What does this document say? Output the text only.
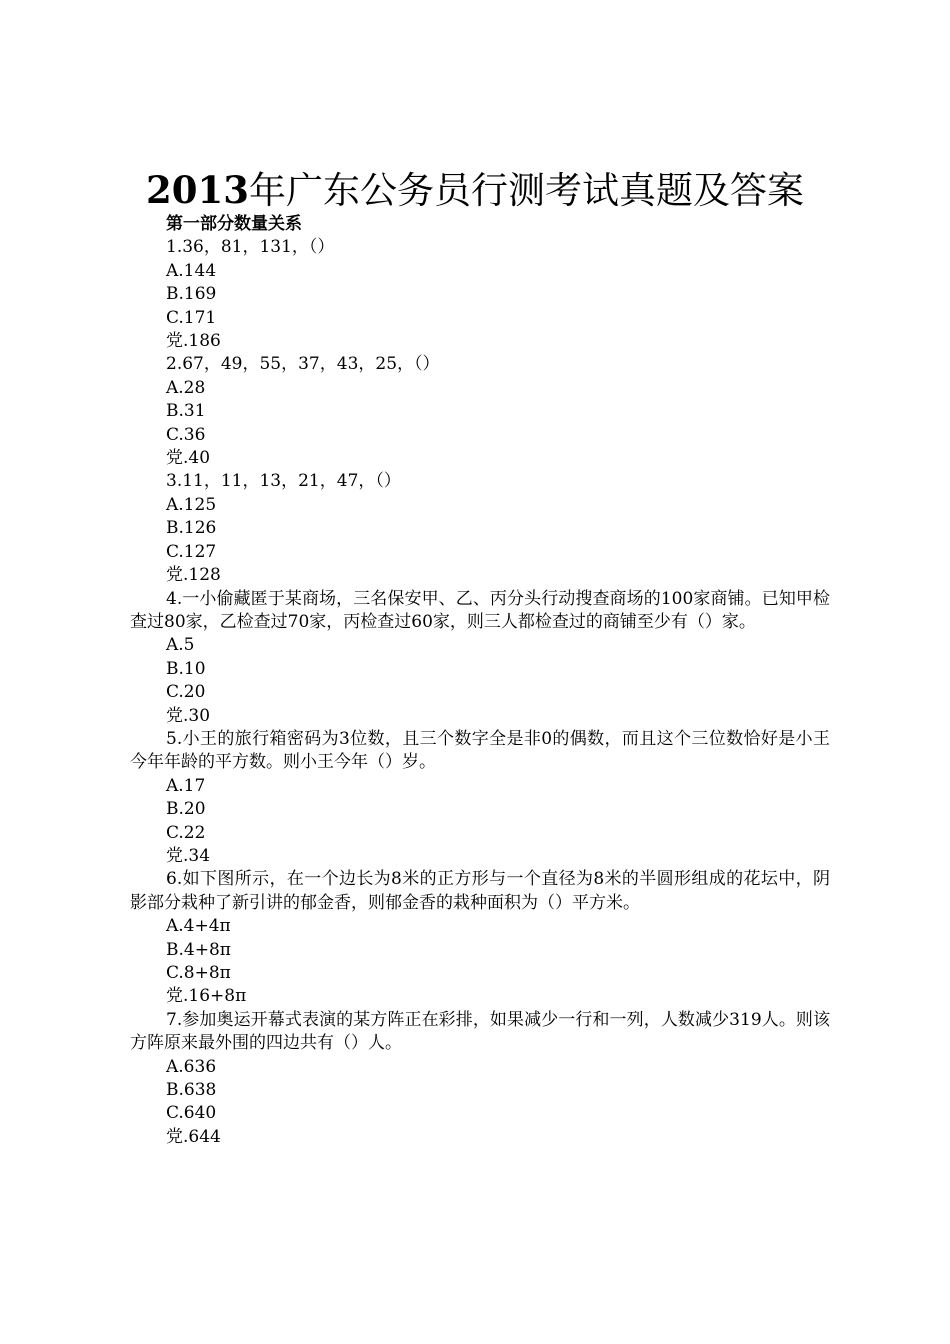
2013年广东公务员行测考试真题及答案

第一部分数量关系

1.36，81，131，（）

A.144

B.169

C.171

党.186

2.67，49，55，37，43，25，（）

A.28

B.31

C.36

党.40

3.11，11，13，21，47，（）

A.125

B.126

C.127

党.128

4.一小偷藏匿于某商场，三名保安甲、乙、丙分头行动搜查商场的100家商铺。已知甲检查过80家，乙检查过70家，丙检查过60家，则三人都检查过的商铺至少有（）家。

A.5

B.10

C.20

党.30

5.小王的旅行箱密码为3位数，且三个数字全是非0的偶数，而且这个三位数恰好是小王今年年龄的平方数。则小王今年（）岁。

A.17

B.20

C.22

党.34

6.如下图所示，在一个边长为8米的正方形与一个直径为8米的半圆形组成的花坛中，阴影部分栽种了新引讲的郁金香，则郁金香的栽种面积为（）平方米。

A.4+4π

B.4+8π

C.8+8π

党.16+8π

7.参加奥运开幕式表演的某方阵正在彩排，如果减少一行和一列，人数减少319人。则该方阵原来最外围的四边共有（）人。

A.636

B.638

C.640

党.644
